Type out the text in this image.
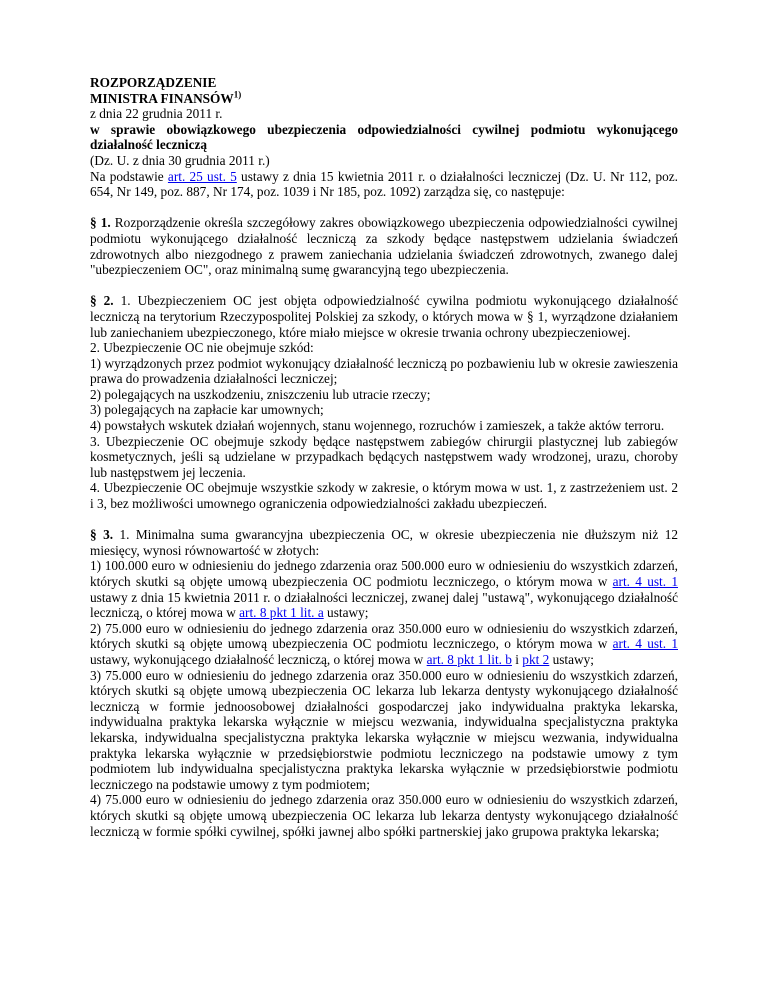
ROZPORZĄDZENIE

MINISTRA FINANSÓW$^{1)}$

z dnia 22 grudnia 2011 r.

w sprawie obowiązkowego ubezpieczenia odpowiedzialności cywilnej podmiotu wykonującego działalność leczniczą

(Dz. U. z dnia 30 grudnia 2011 r.)

Na podstawie art. 25 ust. 5 ustawy z dnia 15 kwietnia 2011 r. o działalności leczniczej (Dz. U. Nr 112, poz. 654, Nr 149, poz. 887, Nr 174, poz. 1039 i Nr 185, poz. 1092) zarządza się, co następuje:

§ 1. Rozporządzenie określa szczegółowy zakres obowiązkowego ubezpieczenia odpowiedzialności cywilnej podmiotu wykonującego działalność leczniczą za szkody będące następstwem udzielania świadczeń zdrowotnych albo niezgodnego z prawem zaniechania udzielania świadczeń zdrowotnych, zwanego dalej "ubezpieczeniem OC", oraz minimalną sumę gwarancyjną tego ubezpieczenia.

§ 2. 1. Ubezpieczeniem OC jest objęta odpowiedzialność cywilna podmiotu wykonującego działalność leczniczą na terytorium Rzeczypospolitej Polskiej za szkody, o których mowa w § 1, wyrządzone działaniem lub zaniechaniem ubezpieczonego, które miało miejsce w okresie trwania ochrony ubezpieczeniowej.

2. Ubezpieczenie OC nie obejmuje szkód:

1) wyrządzonych przez podmiot wykonujący działalność leczniczą po pozbawieniu lub w okresie zawieszenia prawa do prowadzenia działalności leczniczej;

2) polegających na uszkodzeniu, zniszczeniu lub utracie rzeczy;

3) polegających na zapłacie kar umownych;

4) powstałych wskutek działań wojennych, stanu wojennego, rozruchów i zamieszek, a także aktów terroru.

3. Ubezpieczenie OC obejmuje szkody będące następstwem zabiegów chirurgii plastycznej lub zabiegów kosmetycznych, jeśli są udzielane w przypadkach będących następstwem wady wrodzonej, urazu, choroby lub następstwem jej leczenia.

4. Ubezpieczenie OC obejmuje wszystkie szkody w zakresie, o którym mowa w ust. 1, z zastrzeżeniem ust. 2 i 3, bez możliwości umownego ograniczenia odpowiedzialności zakładu ubezpieczeń.

§ 3. 1. Minimalna suma gwarancyjna ubezpieczenia OC, w okresie ubezpieczenia nie dłuższym niż 12 miesięcy, wynosi równowartość w złotych:

1) 100.000 euro w odniesieniu do jednego zdarzenia oraz 500.000 euro w odniesieniu do wszystkich zdarzeń, których skutki są objęte umową ubezpieczenia OC podmiotu leczniczego, o którym mowa w art. 4 ust. 1 ustawy z dnia 15 kwietnia 2011 r. o działalności leczniczej, zwanej dalej "ustawą", wykonującego działalność leczniczą, o której mowa w art. 8 pkt 1 lit. a ustawy;

2) 75.000 euro w odniesieniu do jednego zdarzenia oraz 350.000 euro w odniesieniu do wszystkich zdarzeń, których skutki są objęte umową ubezpieczenia OC podmiotu leczniczego, o którym mowa w art. 4 ust. 1 ustawy, wykonującego działalność leczniczą, o której mowa w art. 8 pkt 1 lit. b i pkt 2 ustawy;

3) 75.000 euro w odniesieniu do jednego zdarzenia oraz 350.000 euro w odniesieniu do wszystkich zdarzeń, których skutki są objęte umową ubezpieczenia OC lekarza lub lekarza dentysty wykonującego działalność leczniczą w formie jednoosobowej działalności gospodarczej jako indywidualna praktyka lekarska, indywidualna praktyka lekarska wyłącznie w miejscu wezwania, indywidualna specjalistyczna praktyka lekarska, indywidualna specjalistyczna praktyka lekarska wyłącznie w miejscu wezwania, indywidualna praktyka lekarska wyłącznie w przedsiębiorstwie podmiotu leczniczego na podstawie umowy z tym podmiotem lub indywidualna specjalistyczna praktyka lekarska wyłącznie w przedsiębiorstwie podmiotu leczniczego na podstawie umowy z tym podmiotem;

4) 75.000 euro w odniesieniu do jednego zdarzenia oraz 350.000 euro w odniesieniu do wszystkich zdarzeń, których skutki są objęte umową ubezpieczenia OC lekarza lub lekarza dentysty wykonującego działalność leczniczą w formie spółki cywilnej, spółki jawnej albo spółki partnerskiej jako grupowa praktyka lekarska;
